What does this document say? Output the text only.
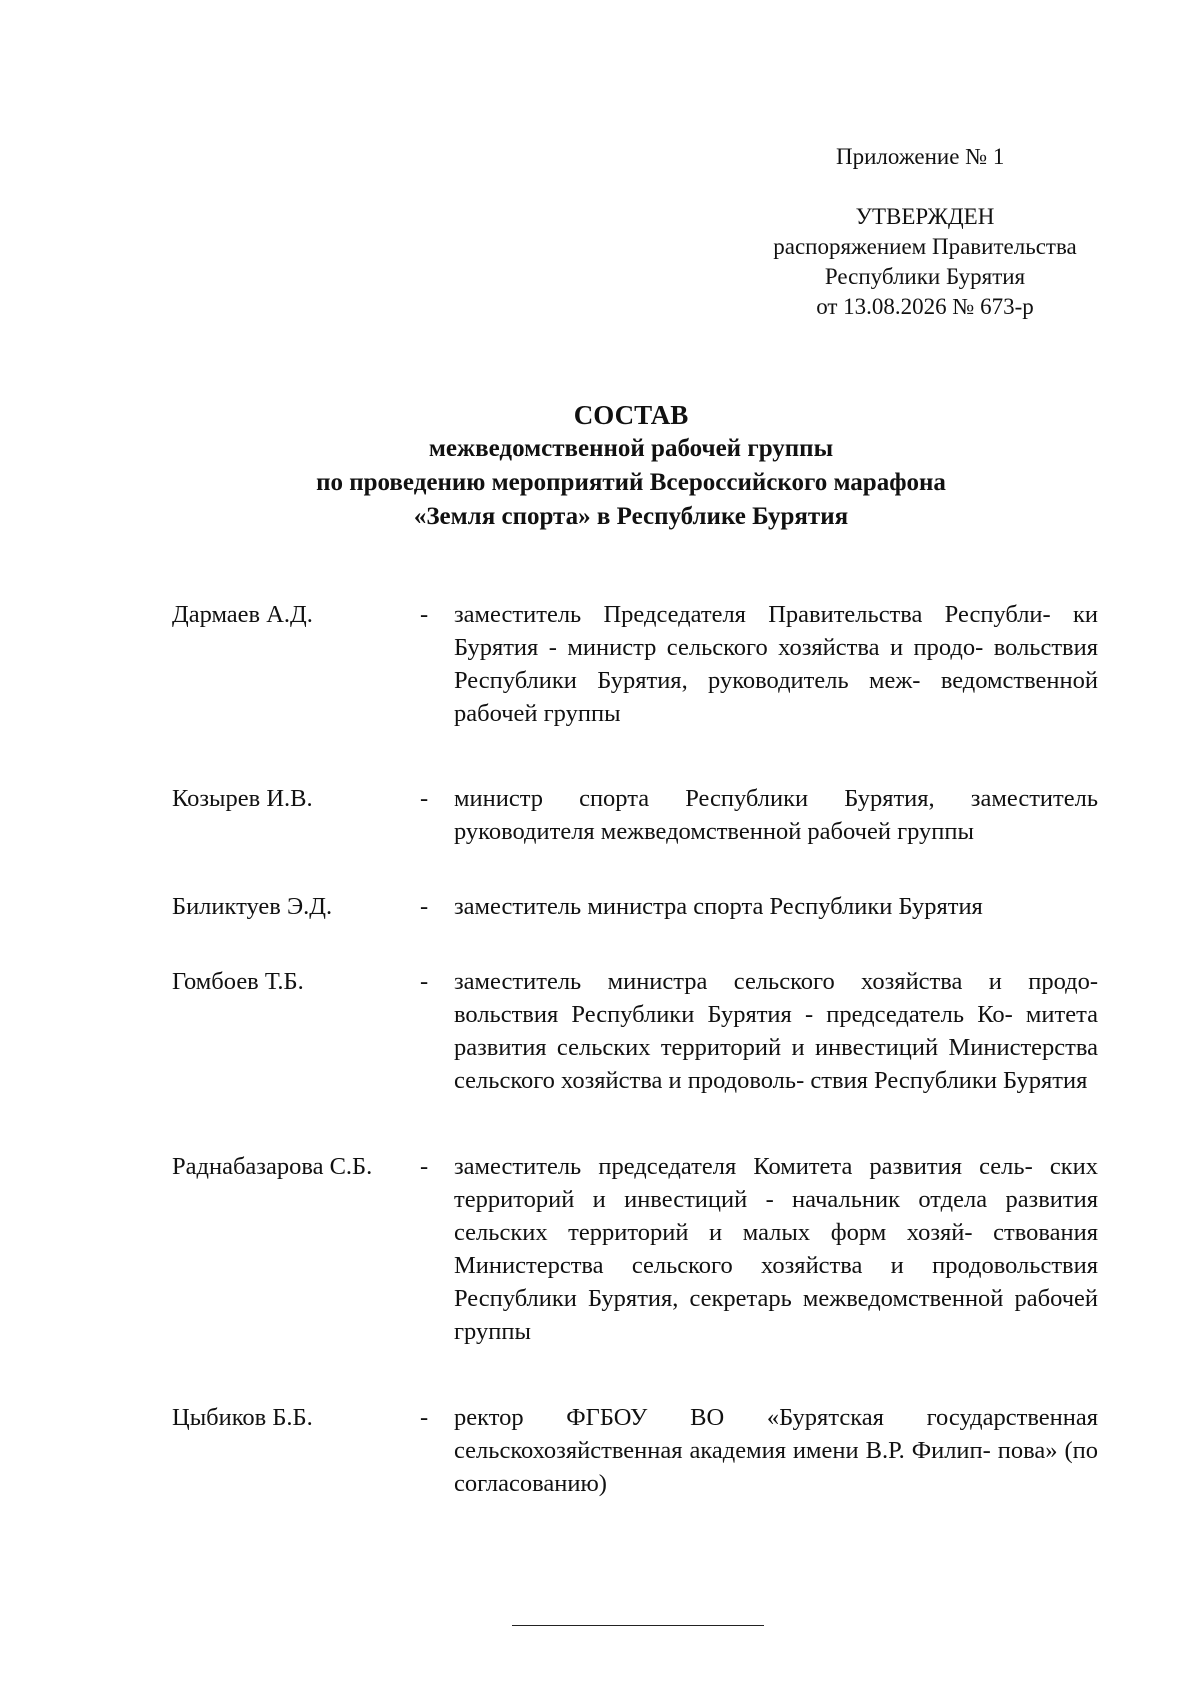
Приложение № 1
УТВЕРЖДЕН
распоряжением Правительства
Республики Бурятия
от 13.08.2026 № 673-р
СОСТАВ
межведомственной рабочей группы
по проведению мероприятий Всероссийского марафона
«Земля спорта» в Республике Бурятия
Дармаев А.Д.	-	заместитель Председателя Правительства Республи- ки Бурятия - министр сельского хозяйства и продо- вольствия Республики Бурятия, руководитель меж- ведомственной рабочей группы
Козырев И.В.	-	министр спорта Республики Бурятия, заместитель руководителя межведомственной рабочей группы
Биликтуев Э.Д.	-	заместитель министра спорта Республики Бурятия
Гомбоев Т.Б.	-	заместитель министра сельского хозяйства и продо- вольствия Республики Бурятия - председатель Ко- митета развития сельских территорий и инвестиций Министерства сельского хозяйства и продоволь- ствия Республики Бурятия
Раднабазарова С.Б.	-	заместитель председателя Комитета развития сель- ских территорий и инвестиций - начальник отдела развития сельских территорий и малых форм хозяй- ствования Министерства сельского хозяйства и продовольствия Республики Бурятия, секретарь межведомственной рабочей группы
Цыбиков Б.Б.	-	ректор ФГБОУ ВО «Бурятская государственная сельскохозяйственная академия имени В.Р. Филип- пова» (по согласованию)
